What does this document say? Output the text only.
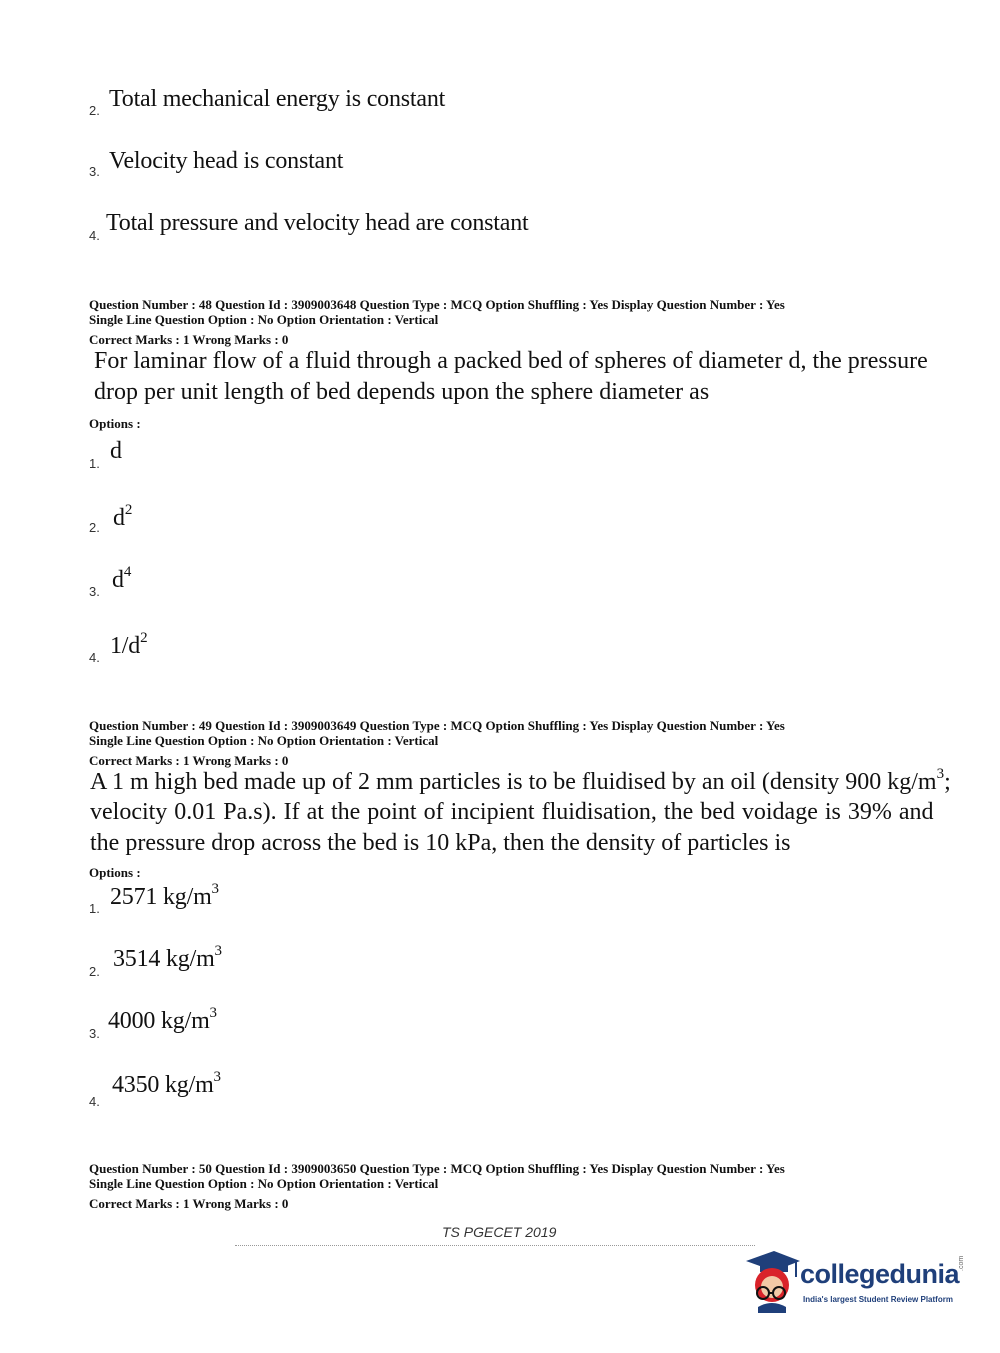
2. Total mechanical energy is constant
3. Velocity head is constant
4. Total pressure and velocity head are constant
Question Number : 48 Question Id : 3909003648 Question Type : MCQ Option Shuffling : Yes Display Question Number : Yes
Single Line Question Option : No Option Orientation : Vertical
Correct Marks : 1 Wrong Marks : 0
For laminar flow of a fluid through a packed bed of spheres of diameter d, the pressure
drop per unit length of bed depends upon the sphere diameter as
Options :
1. d
2. $d^2$
3. $d^4$
4. $1/d^2$
Question Number : 49 Question Id : 3909003649 Question Type : MCQ Option Shuffling : Yes Display Question Number : Yes
Single Line Question Option : No Option Orientation : Vertical
Correct Marks : 1 Wrong Marks : 0
A 1 m high bed made up of 2 mm particles is to be fluidised by an oil (density 900 $kg/m^3$;
velocity 0.01 Pa.s). If at the point of incipient fluidisation, the bed voidage is 39% and
the pressure drop across the bed is 10 kPa, then the density of particles is
Options :
1. 2571 $kg/m^3$
2. 3514 $kg/m^3$
3. 4000 $kg/m^3$
4.
4350 $kg/m^3$
Question Number : 50 Question Id : 3909003650 Question Type : MCQ Option Shuffling : Yes Display Question Number : Yes
Single Line Question Option : No Option Orientation : Vertical
Correct Marks : 1 Wrong Marks : 0
TS PGECET 2019
collegedunia
.com
India's largest Student Review Platform
